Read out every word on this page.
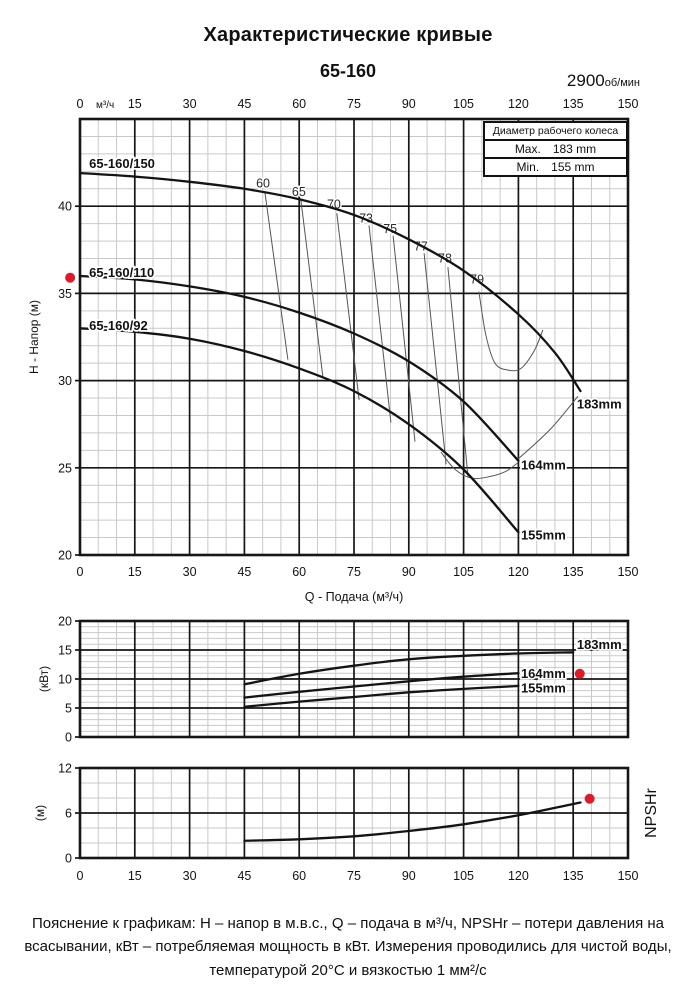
Характеристические кривые
65-160	2900об/мин
20
25
30
35
40
0	15	30	45	60	75	90	105	120	135	150
м³/ч
0	15	30	45	60	75	90	105	120	135	150
60
65
70
73
75
77
78
79
65-160/150
183mm
65-160/110
164mm
65-160/92
155mm
H - Напор (м)
Q - Подача (м³/ч)
0
5
10
15
20
183mm
164mm
155mm
(кВт)
0
6
12
0	15	30	45	60	75	90	105	120	135	150
(м)	NPSHr
Диаметр рабочего колеса
Max. 183 mm
Min. 155 mm
Пояснение к графикам: Н – напор в м.в.с., Q – подача в м³/ч, NPSHr – потери давления на всасывании, кВт – потребляемая мощность в кВт. Измерения проводились для чистой воды, температурой 20°С и вязкостью 1 мм²/с
